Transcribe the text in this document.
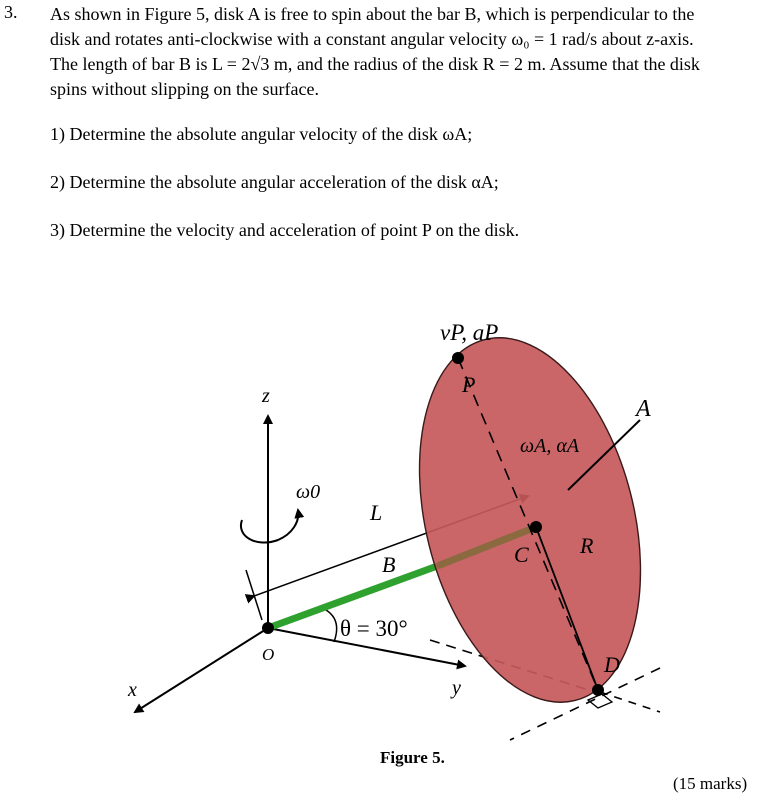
3. As shown in Figure 5, disk A is free to spin about the bar B, which is perpendicular to the
disk and rotates anti-clockwise with a constant angular velocity ω₀ = 1 rad/s about z-axis.
The length of bar B is L = 2√3 m, and the radius of the disk R = 2 m. Assume that the disk
spins without slipping on the surface.
1) Determine the absolute angular velocity of the disk ωA;
2) Determine the absolute angular acceleration of the disk αA;
3) Determine the velocity and acceleration of point P on the disk.
vP, aP
P
A
z
ωA, αA
ω0
L
R
B	C
θ = 30°
O	D
x	y
Figure 5.
(15 marks)
